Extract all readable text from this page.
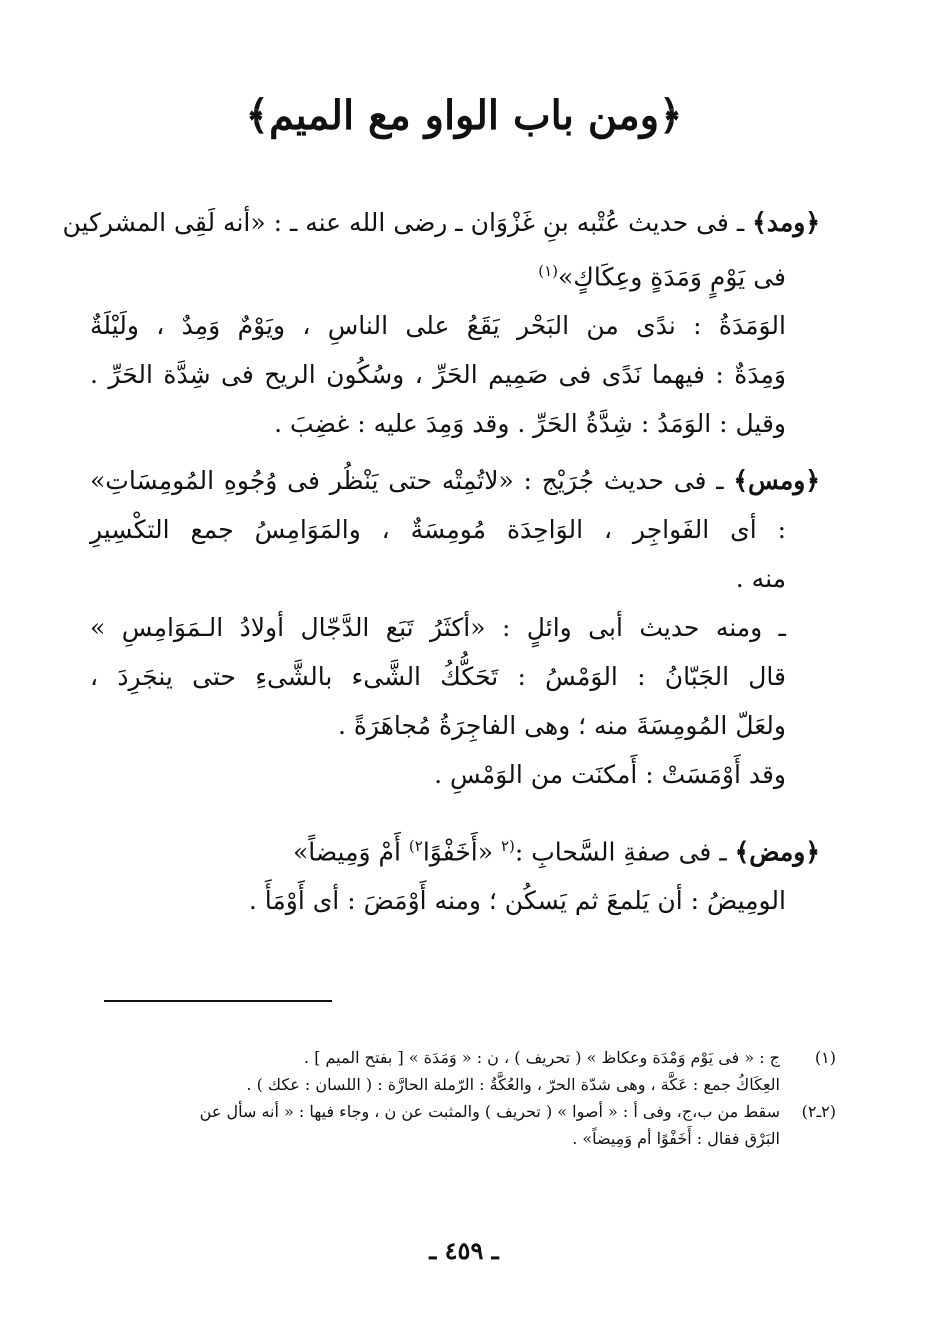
﴿ومن باب الواو مع الميم﴾
﴿ومد﴾ ـ فى حديث عُتْبه بنِ غَزْوَان ـ رضى الله عنه ـ : «أنه لَقِى المشركين
فى يَوْمٍ وَمَدَةٍ وعِكَاكٍ»$^{(١)}$
الوَمَدَةُ : ندًى من البَحْر يَقَعُ على الناسِ ، ويَوْمٌ وَمِدٌ ، ولَيْلَةٌ
وَمِدَةٌ : فيهما نَدًى فى صَمِيم الحَرِّ ، وسُكُون الريح فى شِدَّة الحَرِّ .
وقيل : الوَمَدُ : شِدَّةُ الحَرِّ . وقد وَمِدَ عليه : غضِبَ .
﴿ومس﴾ ـ فى حديث جُرَيْج : «لاتُمِتْه حتى يَنْظُر فى وُجُوهِ المُومِسَاتِ»
: أى الفَواجِر ، الوَاحِدَة مُومِسَةٌ ، والمَوَامِسُ جمع التكْسِيرِ
منه .
ـ ومنه حديث أبى وائلٍ : «أكثَرُ تَبَع الدَّجّال أولادُ الـمَوَامِسِ »
قال الجَبّانُ : الوَمْسُ : تَحَكُّكُ الشَّىء بالشَّىءِ حتى ينجَرِدَ ،
ولعَلّ المُومِسَةَ منه ؛ وهى الفاجِرَةُ مُجاهَرَةً .
وقد أَوْمَسَتْ : أَمكنَت من الوَمْسِ .
﴿ومض﴾ ـ فى صفةِ السَّحابِ :$^{(٢}$ «أَخَفْوًا$^{٢)}$ أَمْ وَمِيضاً»
الومِيضُ : أن يَلمعَ ثم يَسكُن ؛ ومنه أَوْمَضَ : أى أَوْمَأَ .
(١)
ج : « فى يَوْم وَمْدَة وعكاظ » ( تحريف ) ، ن : « وَمَدَة » [ بفتح الميم ] .
العِكَاكُ جمع : عَكَّة ، وهى شدّة الحرّ ، والعُكَّةُ : الرّملة الحارَّة : ( اللسان : عكك ) .
(٢ـ٢)
سقط من ب،ج، وفى أ : « أصوا » ( تحريف ) والمثبت عن ن ، وجاء فيها : « أنه سأل عن
البَرْق فقال : أَخَفْوًا أم وَمِيضاً» .
ـ ٤٥٩ ـ
